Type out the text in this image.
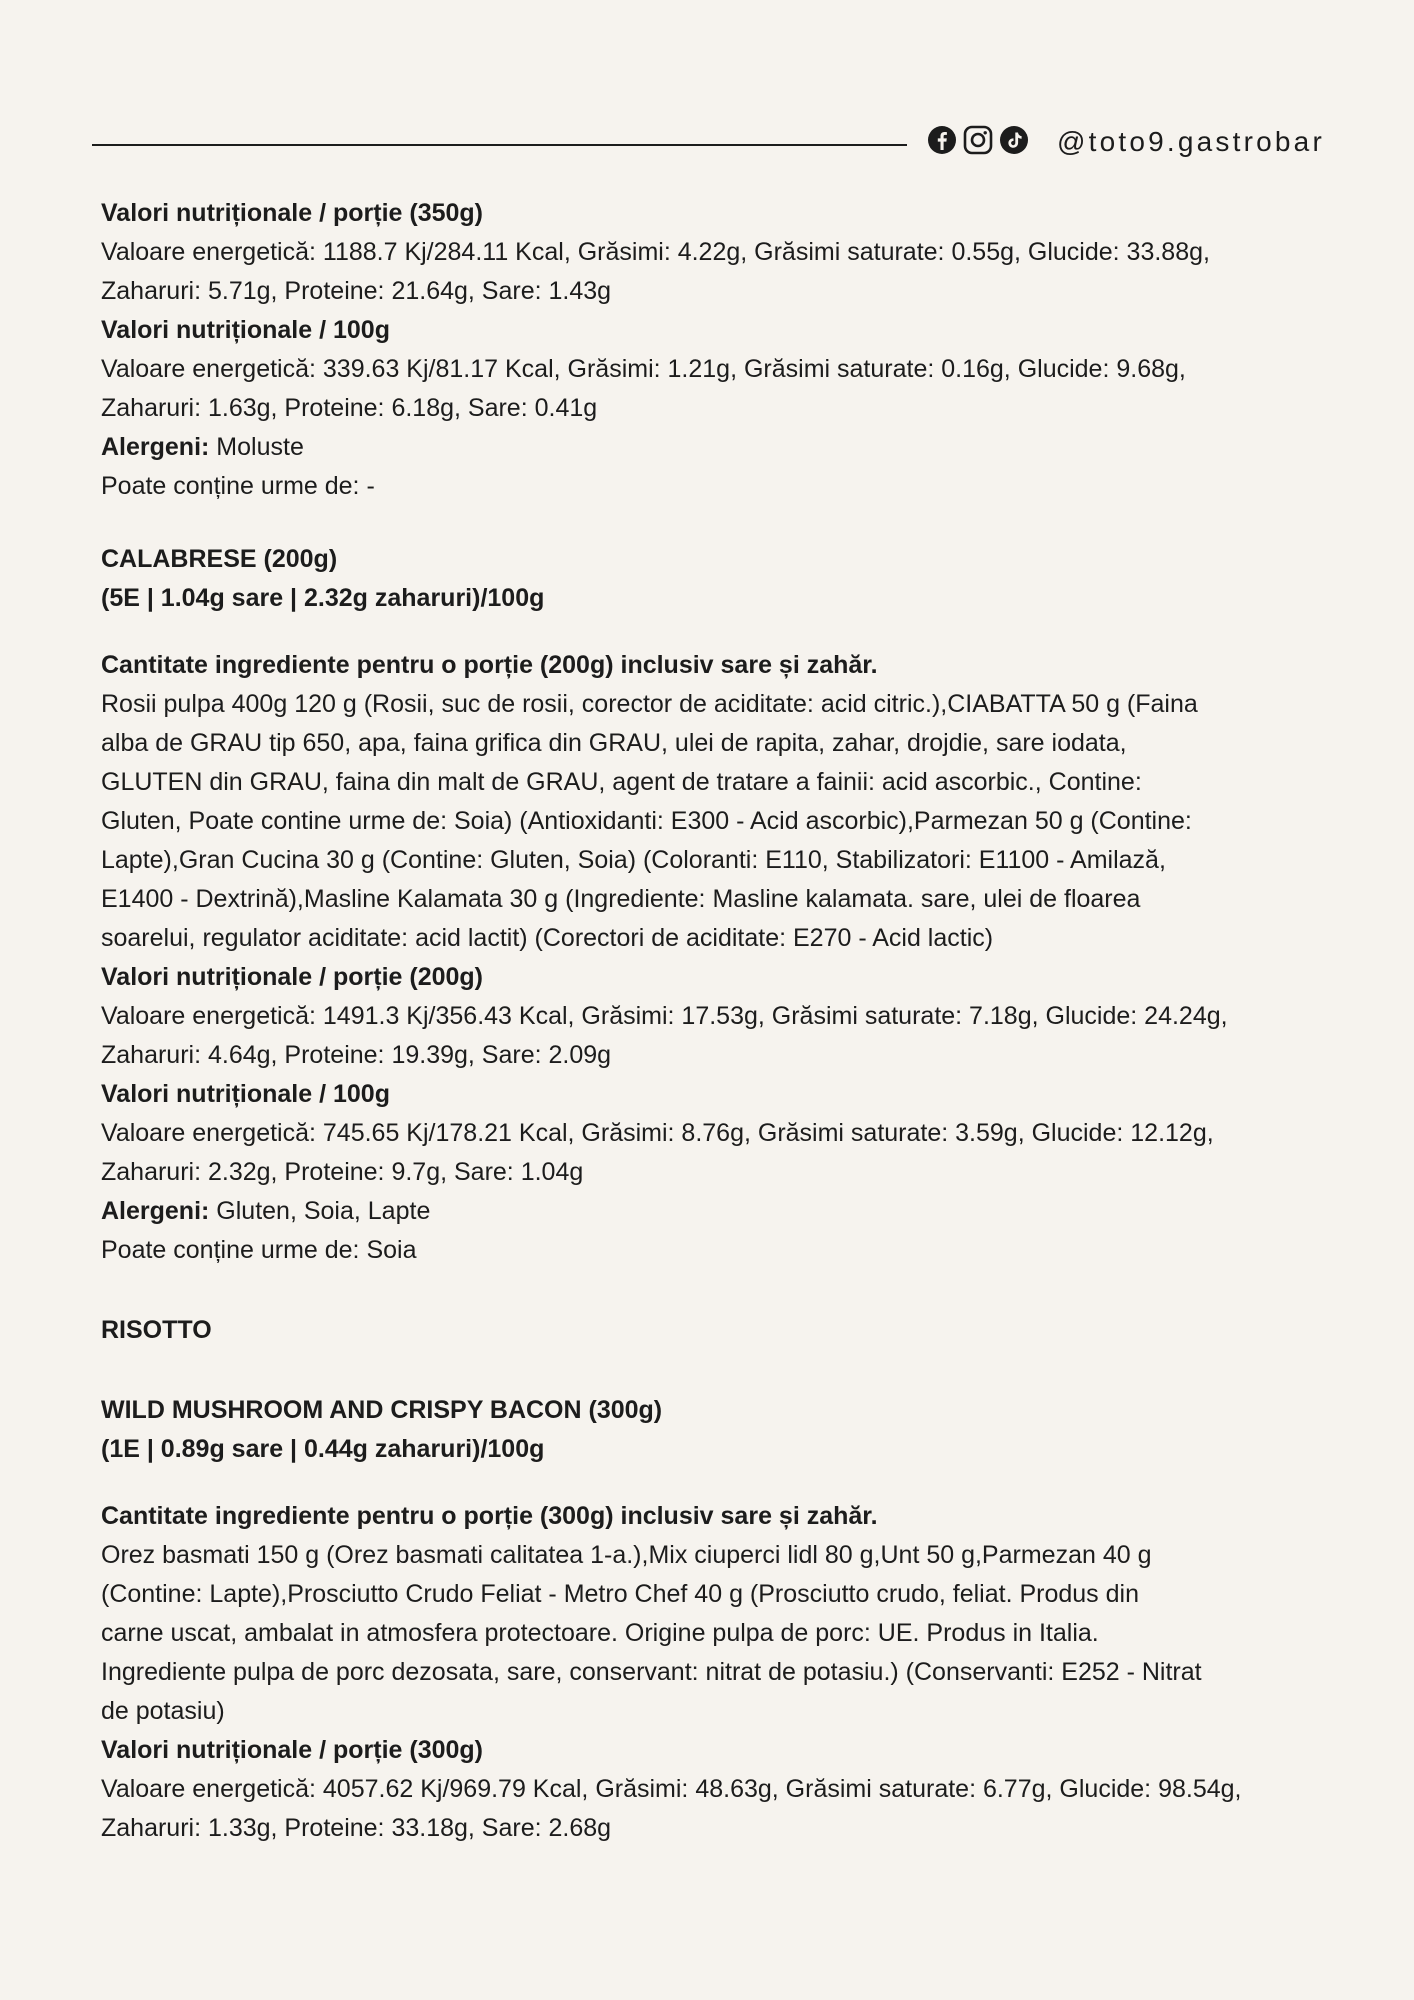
@toto9.gastrobar
Valori nutriționale / porție (350g)
Valoare energetică: 1188.7 Kj/284.11 Kcal, Grăsimi: 4.22g, Grăsimi saturate: 0.55g, Glucide: 33.88g,
Zaharuri: 5.71g, Proteine: 21.64g, Sare: 1.43g
Valori nutriționale / 100g
Valoare energetică: 339.63 Kj/81.17 Kcal, Grăsimi: 1.21g, Grăsimi saturate: 0.16g, Glucide: 9.68g,
Zaharuri: 1.63g, Proteine: 6.18g, Sare: 0.41g
Alergeni: Moluste
Poate conține urme de: -
CALABRESE (200g)
(5E | 1.04g sare | 2.32g zaharuri)/100g
Cantitate ingrediente pentru o porție (200g) inclusiv sare și zahăr.
Rosii pulpa 400g 120 g (Rosii, suc de rosii, corector de aciditate: acid citric.),CIABATTA 50 g (Faina
alba de GRAU tip 650, apa, faina grifica din GRAU, ulei de rapita, zahar, drojdie, sare iodata,
GLUTEN din GRAU, faina din malt de GRAU, agent de tratare a fainii: acid ascorbic., Contine:
Gluten, Poate contine urme de: Soia) (Antioxidanti: E300 - Acid ascorbic),Parmezan 50 g (Contine:
Lapte),Gran Cucina 30 g (Contine: Gluten, Soia) (Coloranti: E110, Stabilizatori: E1100 - Amilază,
E1400 - Dextrină),Masline Kalamata 30 g (Ingrediente: Masline kalamata. sare, ulei de floarea
soarelui, regulator aciditate: acid lactit) (Corectori de aciditate: E270 - Acid lactic)
Valori nutriționale / porție (200g)
Valoare energetică: 1491.3 Kj/356.43 Kcal, Grăsimi: 17.53g, Grăsimi saturate: 7.18g, Glucide: 24.24g,
Zaharuri: 4.64g, Proteine: 19.39g, Sare: 2.09g
Valori nutriționale / 100g
Valoare energetică: 745.65 Kj/178.21 Kcal, Grăsimi: 8.76g, Grăsimi saturate: 3.59g, Glucide: 12.12g,
Zaharuri: 2.32g, Proteine: 9.7g, Sare: 1.04g
Alergeni: Gluten, Soia, Lapte
Poate conține urme de: Soia
RISOTTO
WILD MUSHROOM AND CRISPY BACON (300g)
(1E | 0.89g sare | 0.44g zaharuri)/100g
Cantitate ingrediente pentru o porție (300g) inclusiv sare și zahăr.
Orez basmati 150 g (Orez basmati calitatea 1-a.),Mix ciuperci lidl 80 g,Unt 50 g,Parmezan 40 g
(Contine: Lapte),Prosciutto Crudo Feliat - Metro Chef 40 g (Prosciutto crudo, feliat. Produs din
carne uscat, ambalat in atmosfera protectoare. Origine pulpa de porc: UE. Produs in Italia.
Ingrediente pulpa de porc dezosata, sare, conservant: nitrat de potasiu.) (Conservanti: E252 - Nitrat
de potasiu)
Valori nutriționale / porție (300g)
Valoare energetică: 4057.62 Kj/969.79 Kcal, Grăsimi: 48.63g, Grăsimi saturate: 6.77g, Glucide: 98.54g,
Zaharuri: 1.33g, Proteine: 33.18g, Sare: 2.68g
